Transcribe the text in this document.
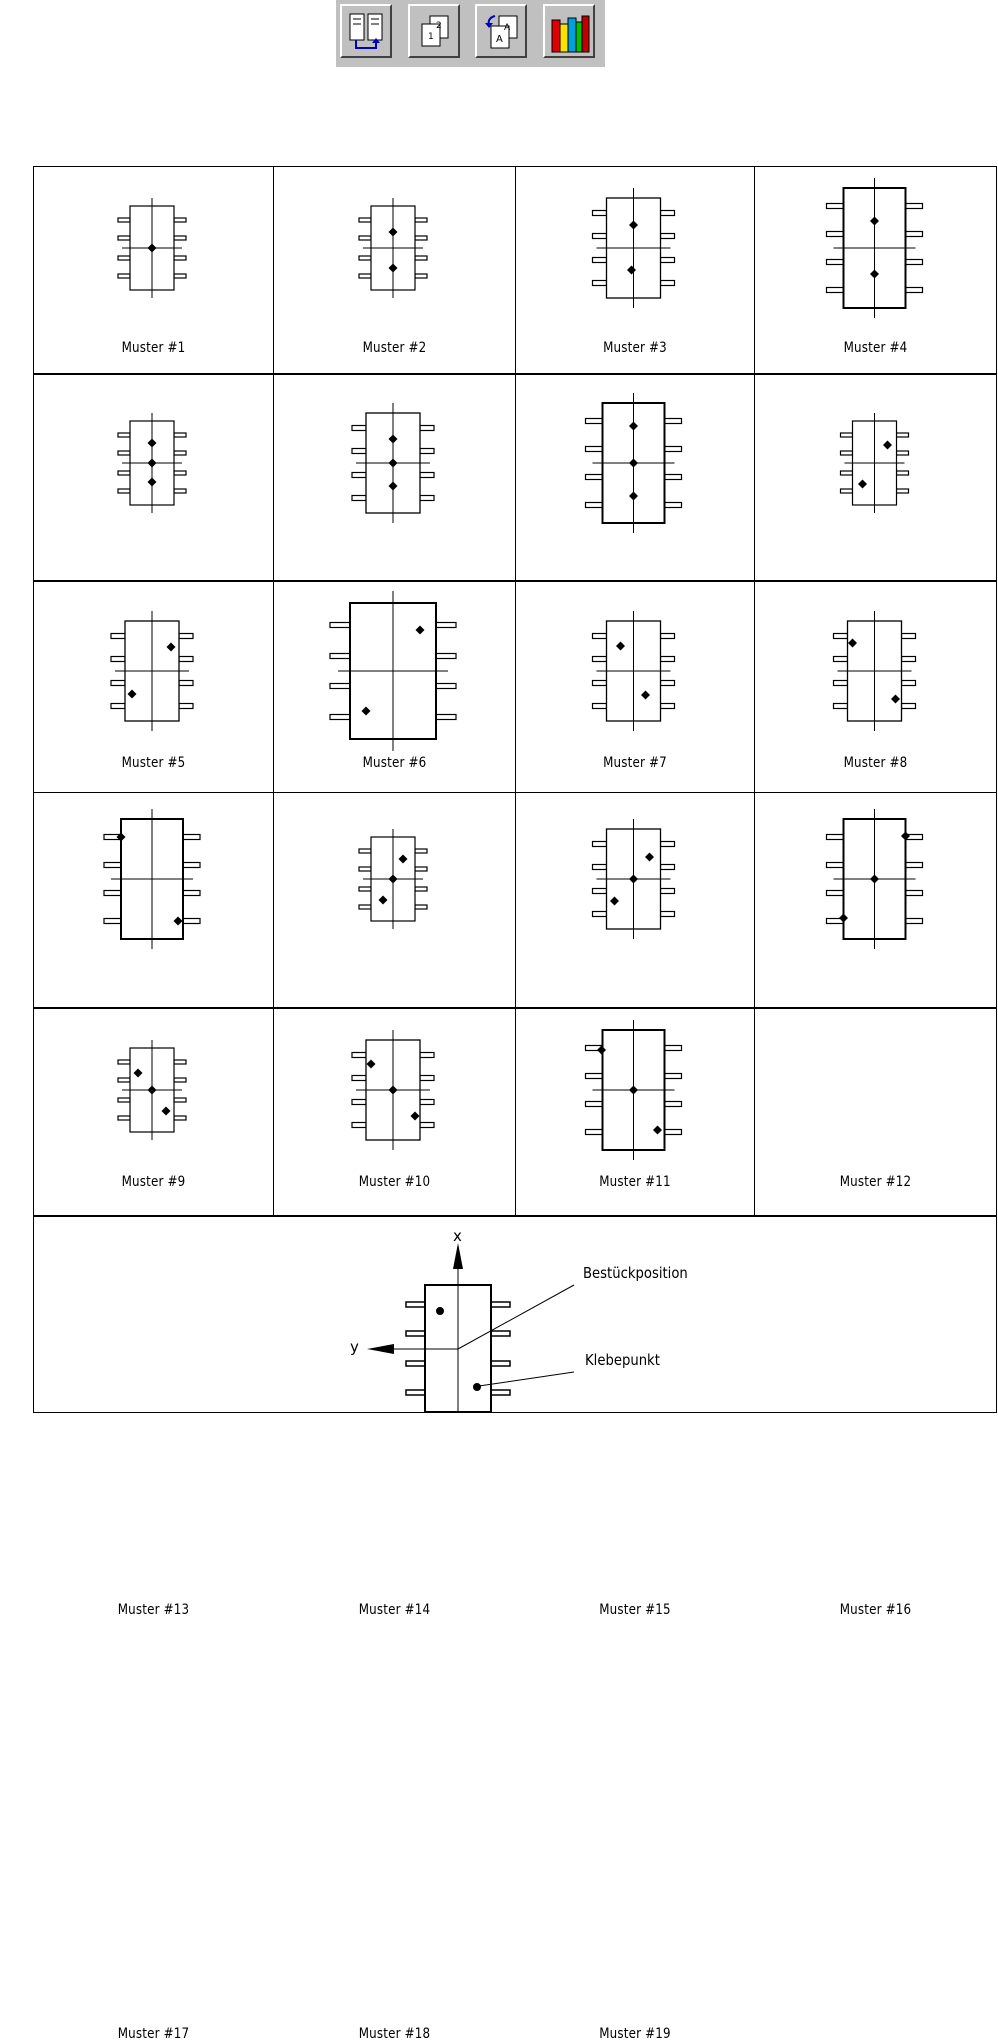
2
1
A
A
Muster #1	Muster #2	Muster #3	Muster #4
Muster #5	Muster #6	Muster #7	Muster #8
Muster #9	Muster #10	Muster #11	Muster #12
Muster #13	Muster #14	Muster #15	Muster #16
Muster #17	Muster #18	Muster #19
x
y
Bestückposition
Klebepunkt
